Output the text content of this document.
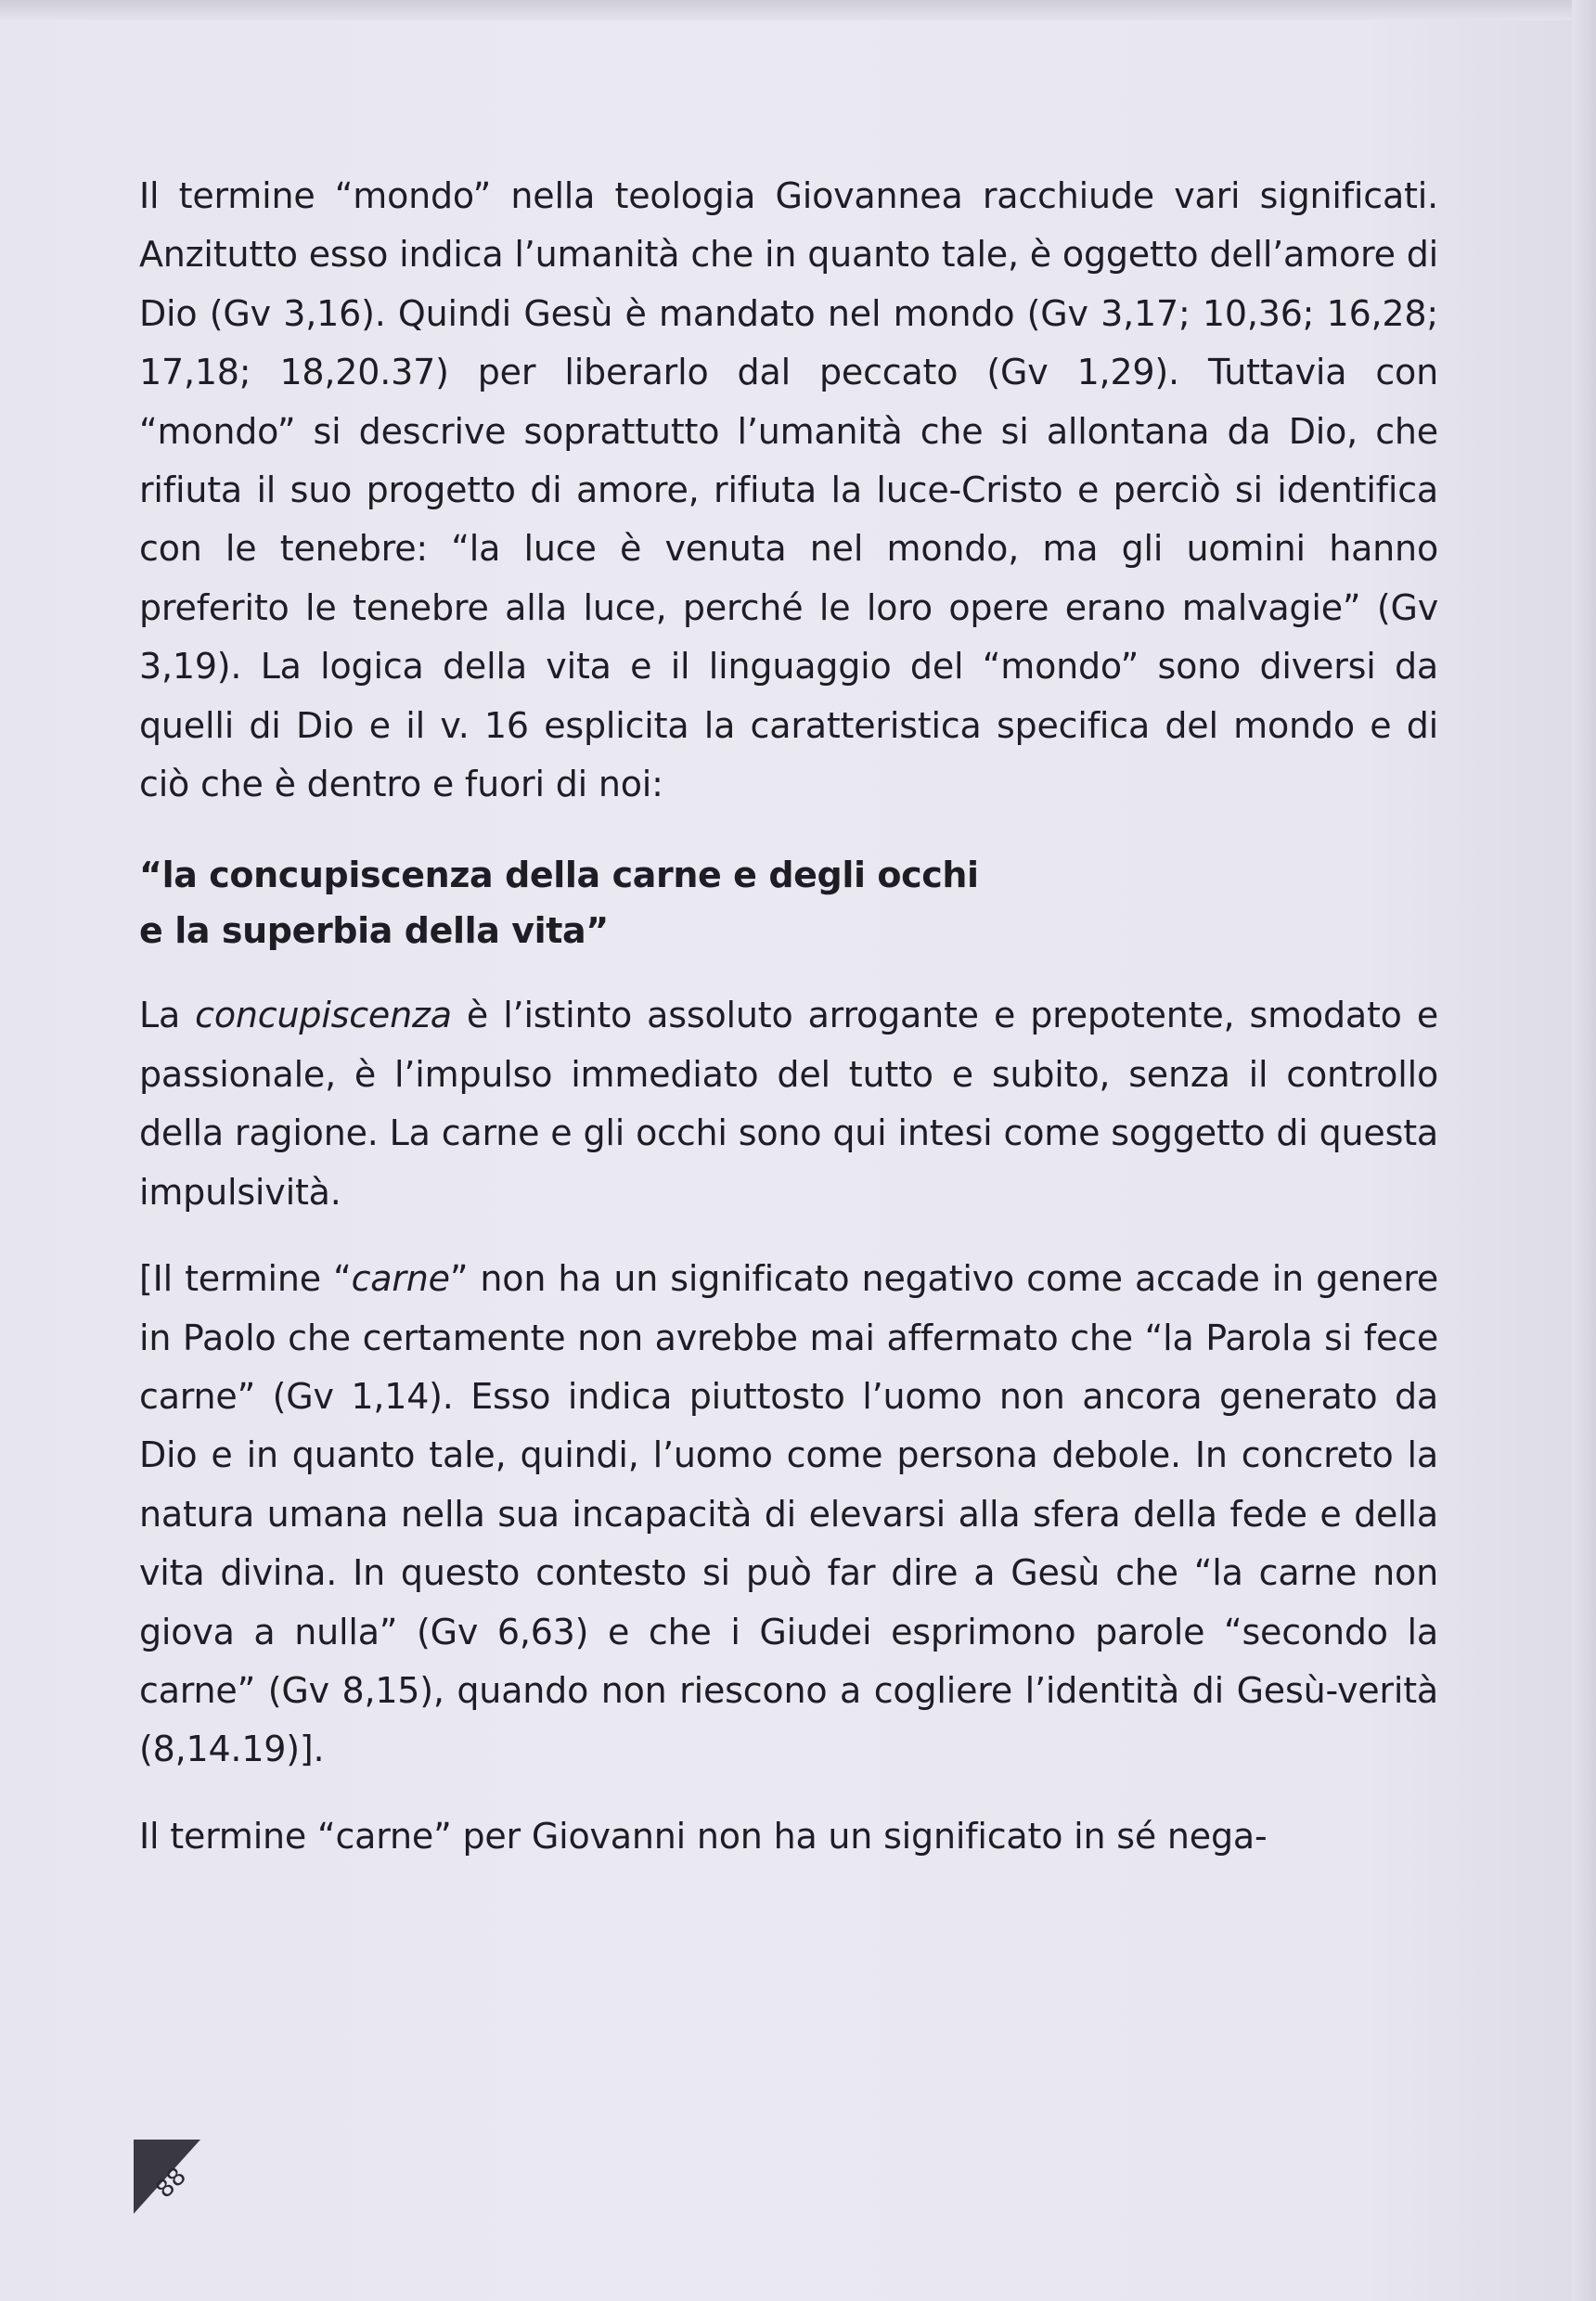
Il termine “mondo” nella teologia Giovannea racchiude vari significati. Anzitutto esso indica l’umanità che in quanto tale, è oggetto dell’amore di Dio (Gv 3,16). Quindi Gesù è mandato nel mondo (Gv 3,17; 10,36; 16,28; 17,18; 18,20.37) per liberarlo dal peccato (Gv 1,29). Tuttavia con “mondo” si descrive soprattutto l’umanità che si allontana da Dio, che rifiuta il suo progetto di amore, rifiuta la luce-Cristo e perciò si identifica con le tenebre: “la luce è venuta nel mondo, ma gli uomini hanno preferito le tenebre alla luce, perché le loro opere erano malvagie” (Gv 3,19). La logica della vita e il linguaggio del “mondo” sono diversi da quelli di Dio e il v. 16 esplicita la caratteristica specifica del mondo e di ciò che è dentro e fuori di noi:

“la concupiscenza della carne e degli occhi
e la superbia della vita”

La concupiscenza è l’istinto assoluto arrogante e prepotente, smodato e passionale, è l’impulso immediato del tutto e subito, senza il controllo della ragione. La carne e gli occhi sono qui intesi come soggetto di questa impulsività.

[Il termine “carne” non ha un significato negativo come accade in genere in Paolo che certamente non avrebbe mai affermato che “la Parola si fece carne” (Gv 1,14). Esso indica piuttosto l’uomo non ancora generato da Dio e in quanto tale, quindi, l’uomo come persona debole. In concreto la natura umana nella sua incapacità di elevarsi alla sfera della fede e della vita divina. In questo contesto si può far dire a Gesù che “la carne non giova a nulla” (Gv 6,63) e che i Giudei esprimono parole “secondo la carne” (Gv 8,15), quando non riescono a cogliere l’identità di Gesù-verità (8,14.19)].

Il termine “carne” per Giovanni non ha un significato in sé nega-

88
